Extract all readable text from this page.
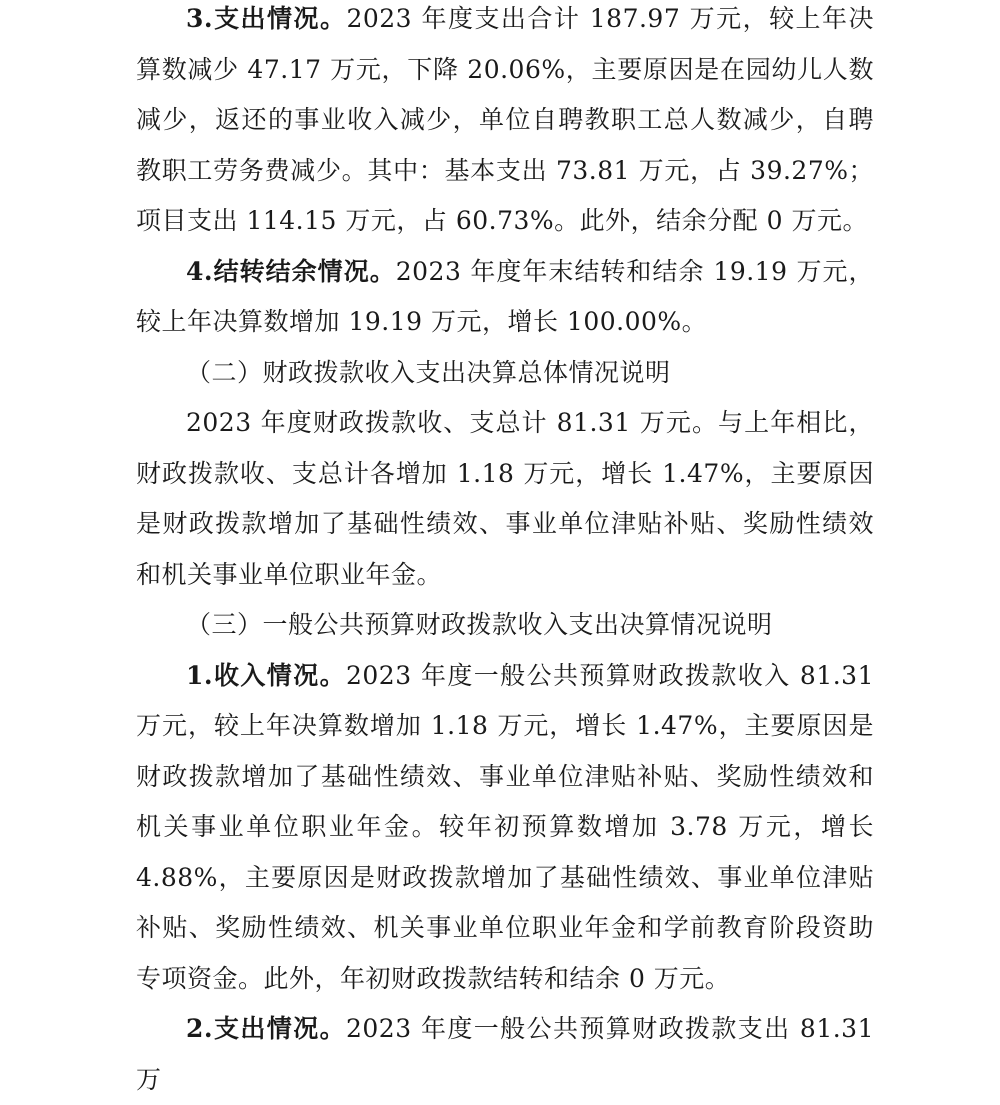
3.支出情况。2023 年度支出合计 187.97 万元，较上年决算数减少 47.17 万元，下降 20.06%，主要原因是在园幼儿人数减少，返还的事业收入减少，单位自聘教职工总人数减少，自聘教职工劳务费减少。其中：基本支出 73.81 万元，占 39.27%；项目支出 114.15 万元，占 60.73%。此外，结余分配 0 万元。

4.结转结余情况。2023 年度年末结转和结余 19.19 万元，较上年决算数增加 19.19 万元，增长 100.00%。

（二）财政拨款收入支出决算总体情况说明

2023 年度财政拨款收、支总计 81.31 万元。与上年相比，财政拨款收、支总计各增加 1.18 万元，增长 1.47%，主要原因是财政拨款增加了基础性绩效、事业单位津贴补贴、奖励性绩效和机关事业单位职业年金。

（三）一般公共预算财政拨款收入支出决算情况说明

1.收入情况。2023 年度一般公共预算财政拨款收入 81.31 万元，较上年决算数增加 1.18 万元，增长 1.47%，主要原因是财政拨款增加了基础性绩效、事业单位津贴补贴、奖励性绩效和机关事业单位职业年金。较年初预算数增加 3.78 万元，增长 4.88%，主要原因是财政拨款增加了基础性绩效、事业单位津贴补贴、奖励性绩效、机关事业单位职业年金和学前教育阶段资助专项资金。此外，年初财政拨款结转和结余 0 万元。

2.支出情况。2023 年度一般公共预算财政拨款支出 81.31 万
